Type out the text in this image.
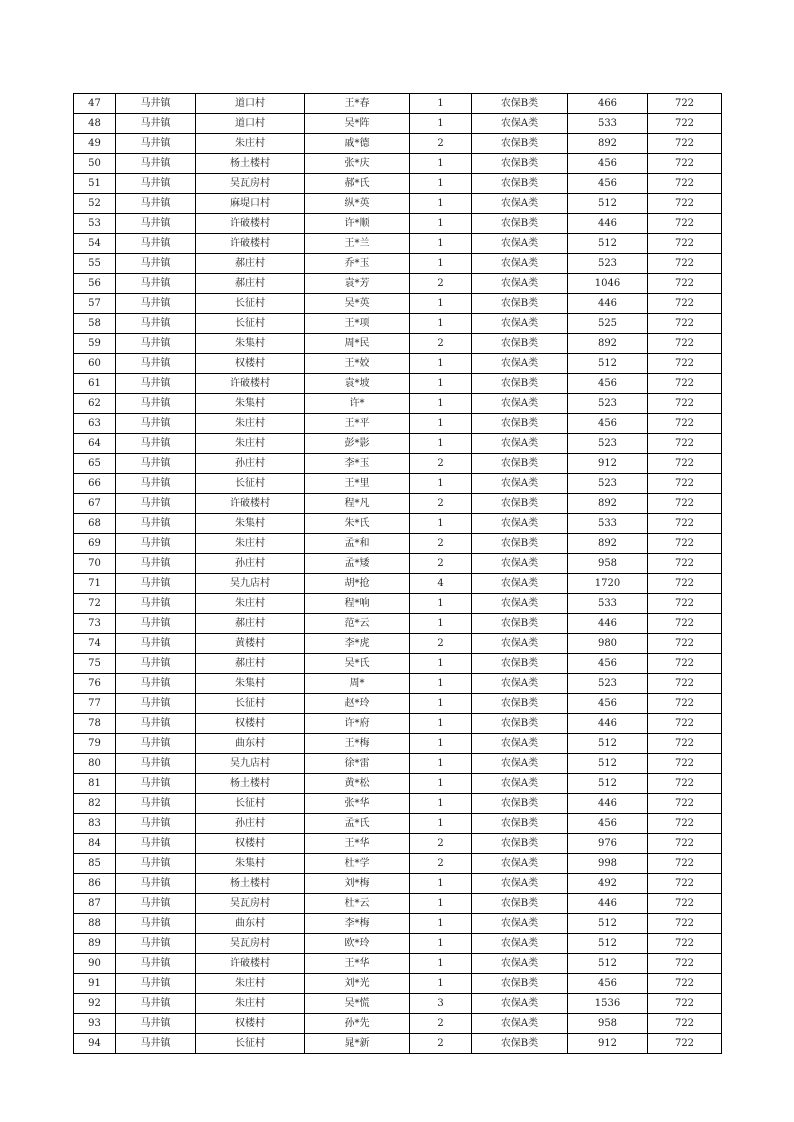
47	马井镇	道口村	王*春	1	农保B类	466	722
48	马井镇	道口村	吴*阵	1	农保A类	533	722
49	马井镇	朱庄村	戚*德	2	农保B类	892	722
50	马井镇	杨土楼村	张*庆	1	农保B类	456	722
51	马井镇	吴瓦房村	郝*氏	1	农保B类	456	722
52	马井镇	麻堤口村	纵*英	1	农保A类	512	722
53	马井镇	许破楼村	许*顺	1	农保B类	446	722
54	马井镇	许破楼村	王*兰	1	农保A类	512	722
55	马井镇	郝庄村	乔*玉	1	农保A类	523	722
56	马井镇	郝庄村	袁*芳	2	农保A类	1046	722
57	马井镇	长征村	吴*英	1	农保B类	446	722
58	马井镇	长征村	王*项	1	农保A类	525	722
59	马井镇	朱集村	周*民	2	农保B类	892	722
60	马井镇	权楼村	王*姣	1	农保A类	512	722
61	马井镇	许破楼村	袁*坡	1	农保B类	456	722
62	马井镇	朱集村	许*	1	农保A类	523	722
63	马井镇	朱庄村	王*平	1	农保B类	456	722
64	马井镇	朱庄村	彭*影	1	农保A类	523	722
65	马井镇	孙庄村	李*玉	2	农保B类	912	722
66	马井镇	长征村	王*里	1	农保A类	523	722
67	马井镇	许破楼村	程*凡	2	农保B类	892	722
68	马井镇	朱集村	朱*氏	1	农保A类	533	722
69	马井镇	朱庄村	孟*和	2	农保B类	892	722
70	马井镇	孙庄村	孟*矮	2	农保A类	958	722
71	马井镇	吴九店村	胡*抢	4	农保A类	1720	722
72	马井镇	朱庄村	程*响	1	农保A类	533	722
73	马井镇	郝庄村	范*云	1	农保B类	446	722
74	马井镇	黄楼村	李*虎	2	农保A类	980	722
75	马井镇	郝庄村	吴*氏	1	农保B类	456	722
76	马井镇	朱集村	周*	1	农保A类	523	722
77	马井镇	长征村	赵*玲	1	农保B类	456	722
78	马井镇	权楼村	许*府	1	农保B类	446	722
79	马井镇	曲东村	王*梅	1	农保A类	512	722
80	马井镇	吴九店村	徐*雷	1	农保A类	512	722
81	马井镇	杨土楼村	黄*松	1	农保A类	512	722
82	马井镇	长征村	张*华	1	农保B类	446	722
83	马井镇	孙庄村	孟*氏	1	农保B类	456	722
84	马井镇	权楼村	王*华	2	农保B类	976	722
85	马井镇	朱集村	杜*学	2	农保A类	998	722
86	马井镇	杨土楼村	刘*梅	1	农保A类	492	722
87	马井镇	吴瓦房村	杜*云	1	农保B类	446	722
88	马井镇	曲东村	李*梅	1	农保A类	512	722
89	马井镇	吴瓦房村	欧*玲	1	农保A类	512	722
90	马井镇	许破楼村	王*华	1	农保A类	512	722
91	马井镇	朱庄村	刘*光	1	农保B类	456	722
92	马井镇	朱庄村	吴*慌	3	农保A类	1536	722
93	马井镇	权楼村	孙*先	2	农保A类	958	722
94	马井镇	长征村	晁*新	2	农保B类	912	722
